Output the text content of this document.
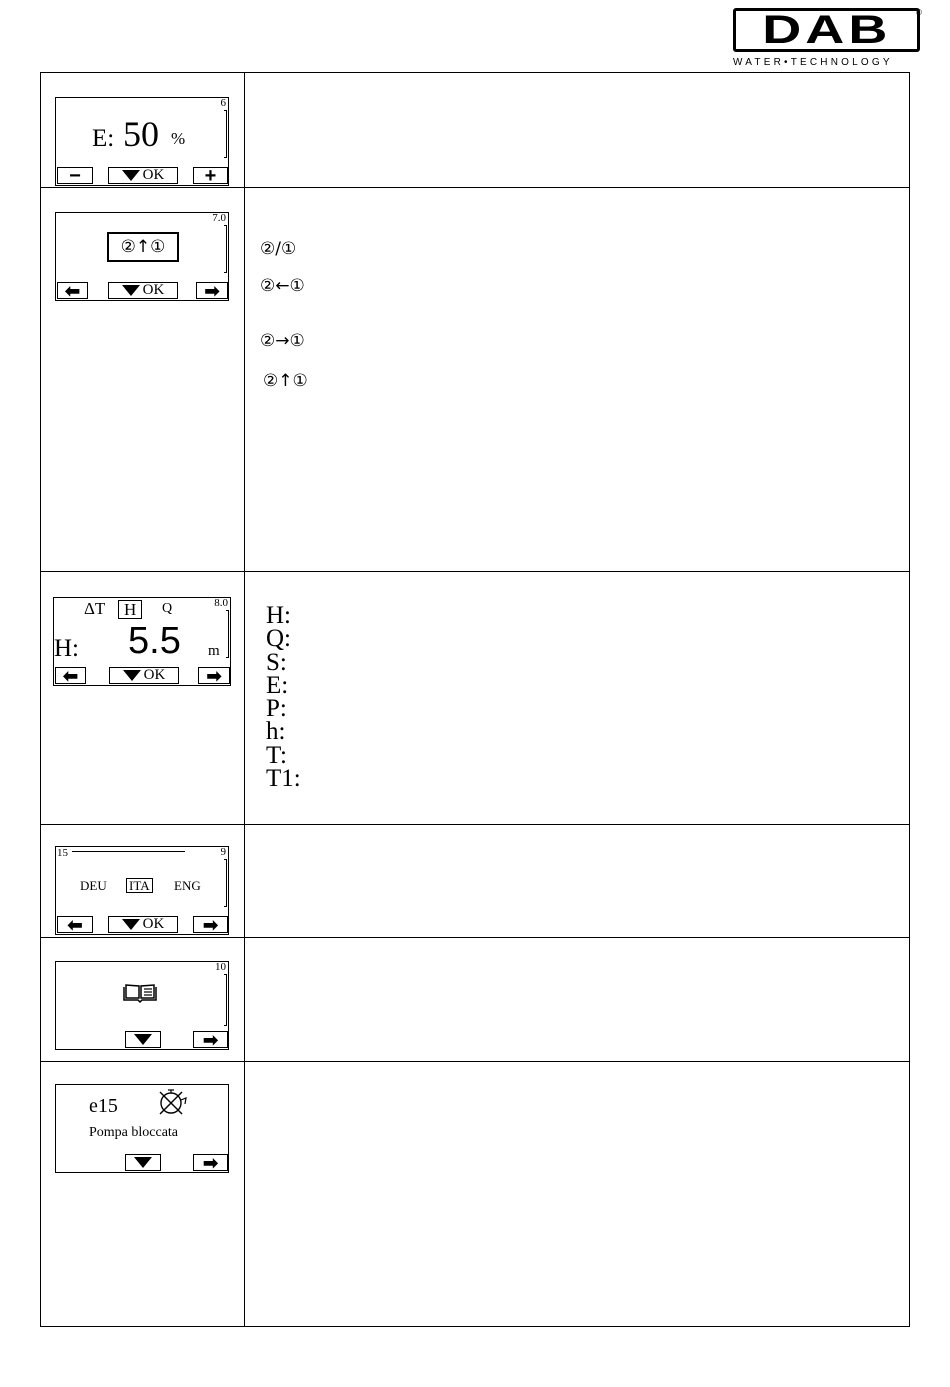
DAB	®
WATER•TECHNOLOGY
6
E: 50 %
−	OK	+
7.0
②↑①
⬅	OK	➡
②/①
②←①
②→①
②↑①
8.0
ΔT	H	Q
H: 5.5 m
⬅	OK	➡
H:
Q:
S:
E:
P:
h:
T:
T1:
15	9
DEU ITA ENG
⬅	OK	➡
10
➡
e15
Pompa bloccata
➡
